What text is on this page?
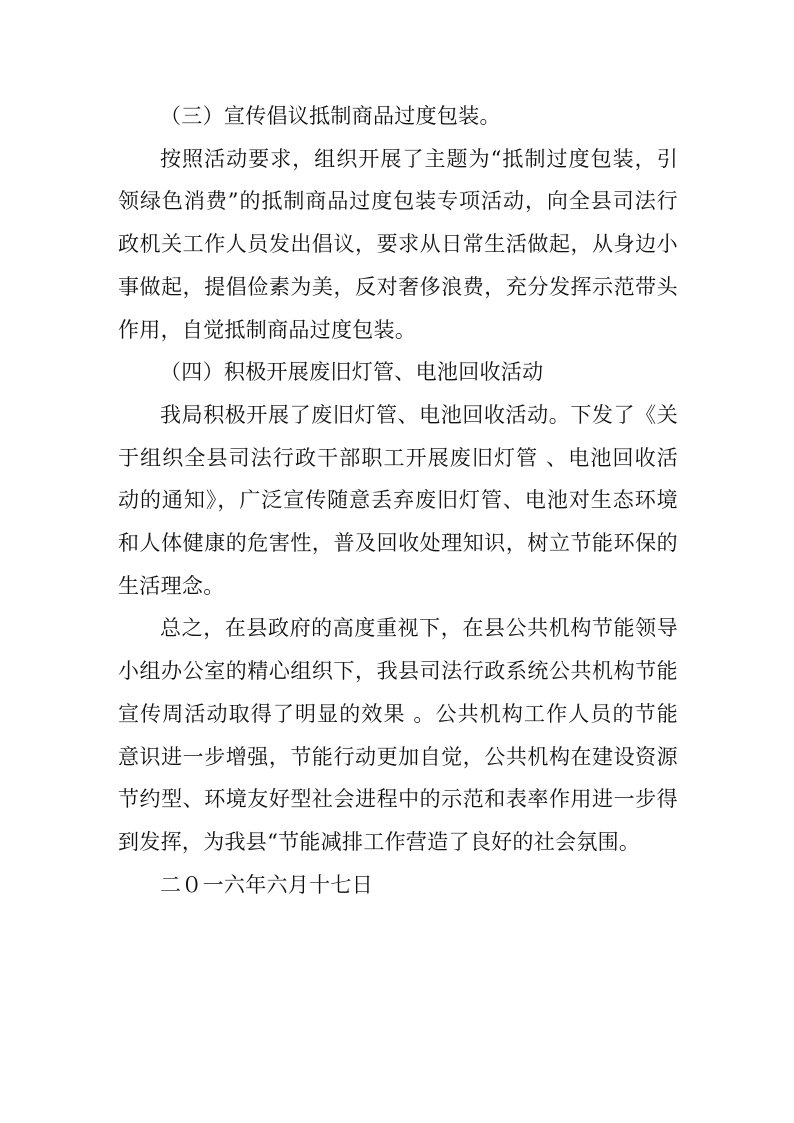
（三）宣传倡议抵制商品过度包装。

按照活动要求，组织开展了主题为“抵制过度包装，引领绿色消费”的抵制商品过度包装专项活动，向全县司法行政机关工作人员发出倡议，要求从日常生活做起，从身边小事做起，提倡俭素为美，反对奢侈浪费，充分发挥示范带头作用，自觉抵制商品过度包装。

（四）积极开展废旧灯管、电池回收活动

我局积极开展了废旧灯管、电池回收活动。下发了《关于组织全县司法行政干部职工开展废旧灯管 、电池回收活动的通知》，广泛宣传随意丢弃废旧灯管、电池对生态环境和人体健康的危害性，普及回收处理知识，树立节能环保的生活理念。

总之，在县政府的高度重视下，在县公共机构节能领导小组办公室的精心组织下，我县司法行政系统公共机构节能宣传周活动取得了明显的效果 。公共机构工作人员的节能意识进一步增强，节能行动更加自觉，公共机构在建设资源节约型、环境友好型社会进程中的示范和表率作用进一步得到发挥，为我县“节能减排工作营造了良好的社会氛围。

二０一六年六月十七日
